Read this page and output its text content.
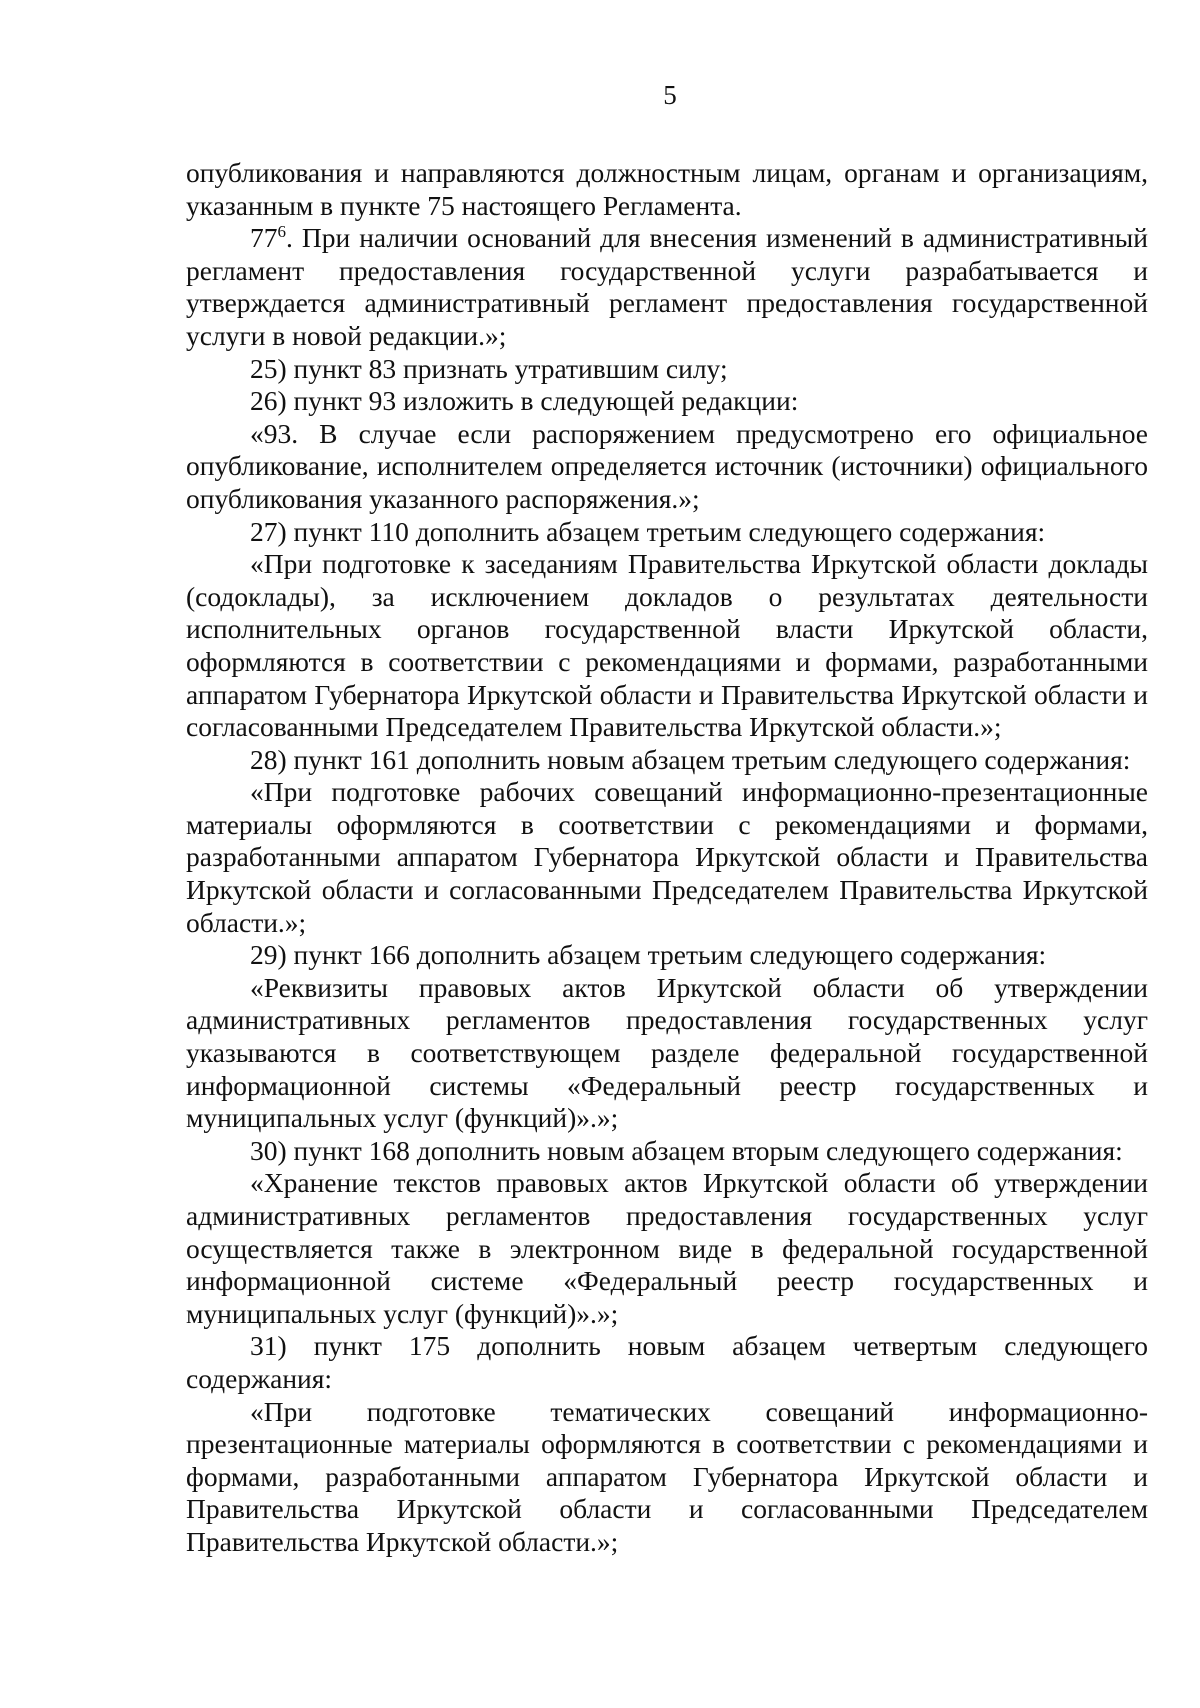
5

опубликования и направляются должностным лицам, органам и организациям, указанным в пункте 75 настоящего Регламента.

$77^6$. При наличии оснований для внесения изменений в административный регламент предоставления государственной услуги разрабатывается и утверждается административный регламент предоставления государственной услуги в новой редакции.»;

25) пункт 83 признать утратившим силу;

26) пункт 93 изложить в следующей редакции:

«93. В случае если распоряжением предусмотрено его официальное опубликование, исполнителем определяется источник (источники) официального опубликования указанного распоряжения.»;

27) пункт 110 дополнить абзацем третьим следующего содержания:

«При подготовке к заседаниям Правительства Иркутской области доклады (содоклады), за исключением докладов о результатах деятельности исполнительных органов государственной власти Иркутской области, оформляются в соответствии с рекомендациями и формами, разработанными аппаратом Губернатора Иркутской области и Правительства Иркутской области и согласованными Председателем Правительства Иркутской области.»;

28) пункт 161 дополнить новым абзацем третьим следующего содержания:

«При подготовке рабочих совещаний информационно-презентационные материалы оформляются в соответствии с рекомендациями и формами, разработанными аппаратом Губернатора Иркутской области и Правительства Иркутской области и согласованными Председателем Правительства Иркутской области.»;

29) пункт 166 дополнить абзацем третьим следующего содержания:

«Реквизиты правовых актов Иркутской области об утверждении административных регламентов предоставления государственных услуг указываются в соответствующем разделе федеральной государственной информационной системы «Федеральный реестр государственных и муниципальных услуг (функций)».»;

30) пункт 168 дополнить новым абзацем вторым следующего содержания:

«Хранение текстов правовых актов Иркутской области об утверждении административных регламентов предоставления государственных услуг осуществляется также в электронном виде в федеральной государственной информационной системе «Федеральный реестр государственных и муниципальных услуг (функций)».»;

31) пункт 175 дополнить новым абзацем четвертым следующего содержания:

«При подготовке тематических совещаний информационно-презентационные материалы оформляются в соответствии с рекомендациями и формами, разработанными аппаратом Губернатора Иркутской области и Правительства Иркутской области и согласованными Председателем Правительства Иркутской области.»;
